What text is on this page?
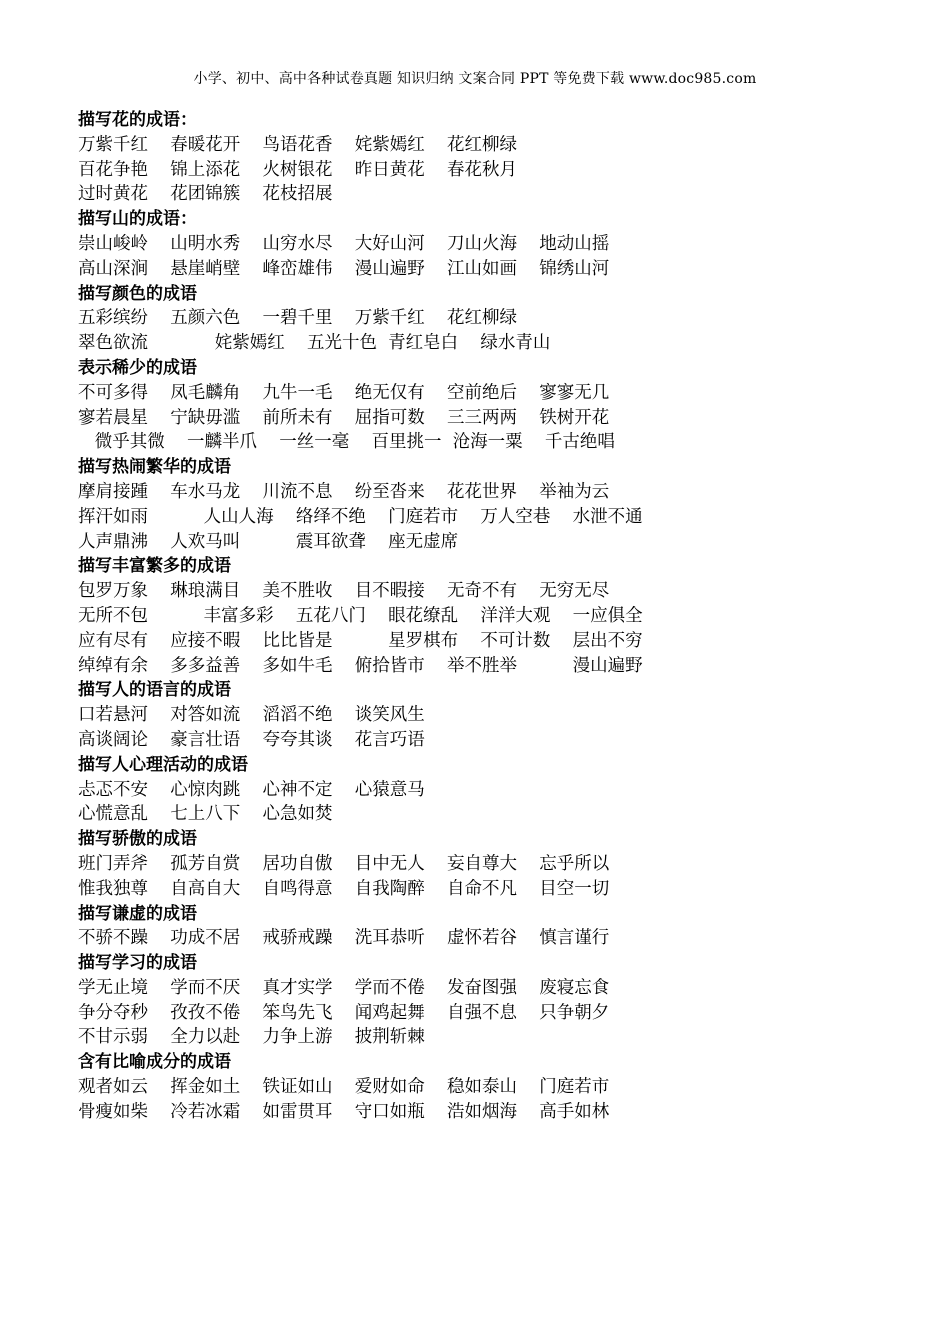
小学、初中、高中各种试卷真题 知识归纳 文案合同 PPT 等免费下载 www.doc985.com
描写花的成语：
万紫千红    春暖花开    鸟语花香    姹紫嫣红    花红柳绿
百花争艳    锦上添花    火树银花    昨日黄花    春花秋月
过时黄花    花团锦簇    花枝招展
描写山的成语：
崇山峻岭    山明水秀    山穷水尽    大好山河    刀山火海    地动山摇
高山深涧    悬崖峭壁    峰峦雄伟    漫山遍野    江山如画    锦绣山河
描写颜色的成语
五彩缤纷    五颜六色    一碧千里    万紫千红    花红柳绿
翠色欲流            姹紫嫣红    五光十色  青红皂白    绿水青山
表示稀少的成语
不可多得    凤毛麟角    九牛一毛    绝无仅有    空前绝后    寥寥无几
寥若晨星    宁缺毋滥    前所未有    屈指可数    三三两两    铁树开花
微乎其微    一麟半爪    一丝一毫    百里挑一  沧海一粟    千古绝唱
描写热闹繁华的成语
摩肩接踵    车水马龙    川流不息    纷至沓来    花花世界    举袖为云
挥汗如雨          人山人海    络绎不绝    门庭若市    万人空巷    水泄不通
人声鼎沸    人欢马叫          震耳欲聋    座无虚席
描写丰富繁多的成语
包罗万象    琳琅满目    美不胜收    目不暇接    无奇不有    无穷无尽
无所不包          丰富多彩    五花八门    眼花缭乱    洋洋大观    一应俱全
应有尽有    应接不暇    比比皆是          星罗棋布    不可计数    层出不穷
绰绰有余    多多益善    多如牛毛    俯拾皆市    举不胜举          漫山遍野
描写人的语言的成语
口若悬河    对答如流    滔滔不绝    谈笑风生
高谈阔论    豪言壮语    夸夸其谈    花言巧语
描写人心理活动的成语
忐忑不安    心惊肉跳    心神不定    心猿意马
心慌意乱    七上八下    心急如焚
描写骄傲的成语
班门弄斧    孤芳自赏    居功自傲    目中无人    妄自尊大    忘乎所以
惟我独尊    自高自大    自鸣得意    自我陶醉    自命不凡    目空一切
描写谦虚的成语
不骄不躁    功成不居    戒骄戒躁    洗耳恭听    虚怀若谷    慎言谨行
描写学习的成语
学无止境    学而不厌    真才实学    学而不倦    发奋图强    废寝忘食
争分夺秒    孜孜不倦    笨鸟先飞    闻鸡起舞    自强不息    只争朝夕
不甘示弱    全力以赴    力争上游    披荆斩棘
含有比喻成分的成语
观者如云    挥金如土    铁证如山    爱财如命    稳如泰山    门庭若市
骨瘦如柴    冷若冰霜    如雷贯耳    守口如瓶    浩如烟海    高手如林
